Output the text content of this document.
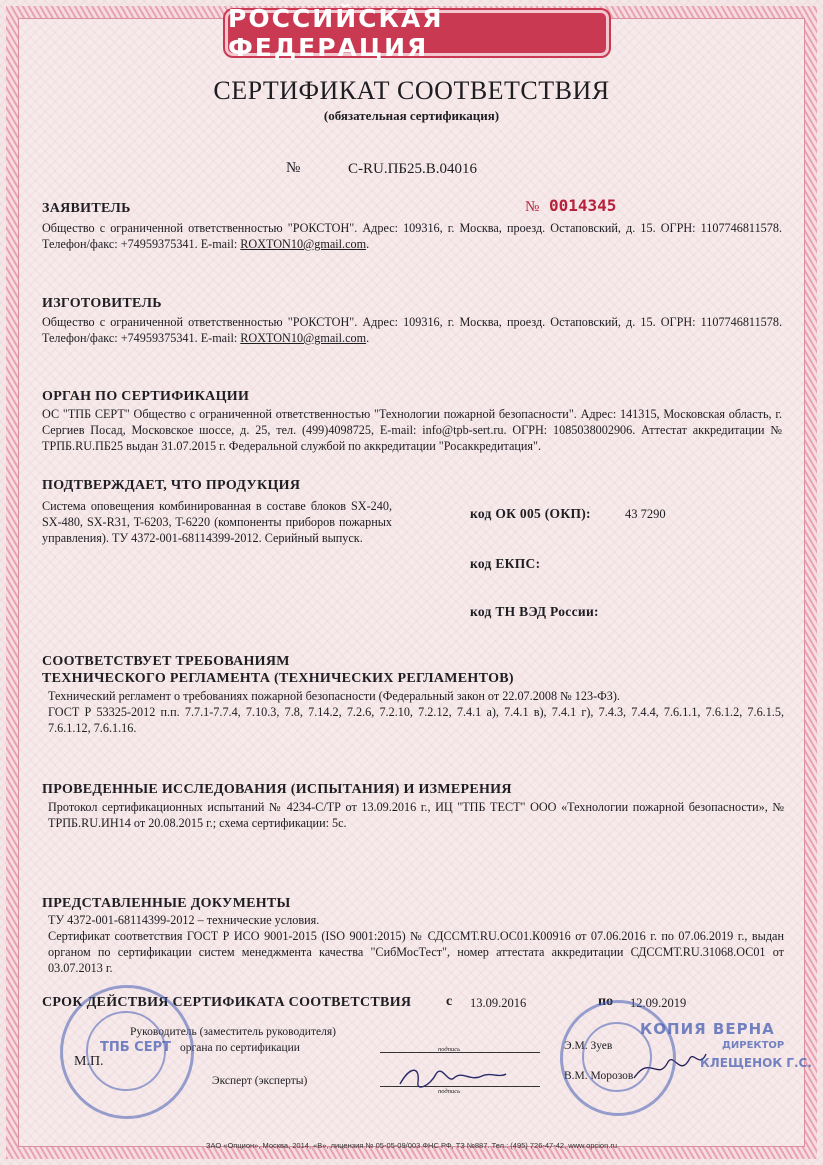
РОССИЙСКАЯ ФЕДЕРАЦИЯ
СЕРТИФИКАТ СООТВЕТСТВИЯ
(обязательная сертификация)
№	С-RU.ПБ25.В.04016
ЗАЯВИТЕЛЬ	№ 0014345
Общество с ограниченной ответственностью "РОКСТОН". Адрес: 109316, г. Москва, проезд. Остаповский, д. 15. ОГРН: 1107746811578. Телефон/факс: +74959375341. E-mail: ROXTON10@gmail.com.
ИЗГОТОВИТЕЛЬ
Общество с ограниченной ответственностью "РОКСТОН". Адрес: 109316, г. Москва, проезд. Остаповский, д. 15. ОГРН: 1107746811578. Телефон/факс: +74959375341. E-mail: ROXTON10@gmail.com.
ОРГАН ПО СЕРТИФИКАЦИИ
ОС "ТПБ СЕРТ" Общество с ограниченной ответственностью "Технологии пожарной безопасности". Адрес: 141315, Московская область, г. Сергиев Посад, Московское шоссе, д. 25, тел. (499)4098725, E-mail: info@tpb-sert.ru. ОГРН: 1085038002906. Аттестат аккредитации № ТРПБ.RU.ПБ25 выдан 31.07.2015 г. Федеральной службой по аккредитации "Росаккредитация".
ПОДТВЕРЖДАЕТ, ЧТО ПРОДУКЦИЯ
Система оповещения комбинированная в составе блоков SX-240, SX-480, SX-R31, T-6203, T-6220 (компоненты приборов пожарных управления). ТУ 4372-001-68114399-2012. Серийный выпуск.
код ОК 005 (ОКП):	43 7290
код ЕКПС:
код ТН ВЭД России:
СООТВЕТСТВУЕТ ТРЕБОВАНИЯМ
ТЕХНИЧЕСКОГО РЕГЛАМЕНТА (ТЕХНИЧЕСКИХ РЕГЛАМЕНТОВ)
Технический регламент о требованиях пожарной безопасности (Федеральный закон от 22.07.2008 № 123-ФЗ).
ГОСТ Р 53325-2012 п.п. 7.7.1-7.7.4, 7.10.3, 7.8, 7.14.2, 7.2.6, 7.2.10, 7.2.12, 7.4.1 а), 7.4.1 в), 7.4.1 г), 7.4.3, 7.4.4, 7.6.1.1, 7.6.1.2, 7.6.1.5, 7.6.1.12, 7.6.1.16.
ПРОВЕДЕННЫЕ ИССЛЕДОВАНИЯ (ИСПЫТАНИЯ) И ИЗМЕРЕНИЯ
Протокол сертификационных испытаний № 4234-С/ТР от 13.09.2016 г., ИЦ "ТПБ ТЕСТ" ООО «Технологии пожарной безопасности», № ТРПБ.RU.ИН14 от 20.08.2015 г.; схема сертификации: 5с.
ПРЕДСТАВЛЕННЫЕ ДОКУМЕНТЫ
ТУ 4372-001-68114399-2012 – технические условия.
Сертификат соответствия ГОСТ Р ИСО 9001-2015 (ISO 9001:2015) № СДССМТ.RU.ОС01.К00916 от 07.06.2016 г. по 07.06.2019 г., выдан органом по сертификации систем менеджмента качества "СибМосТест", номер аттестата аккредитации СДССМТ.RU.31068.ОС01 от 03.07.2013 г.
СРОК ДЕЙСТВИЯ СЕРТИФИКАТА СООТВЕТСТВИЯ с 13.09.2016	по 12.09.2019
Руководитель (заместитель руководителя)
органа по сертификации
Эксперт (эксперты)
М.П.
подпись
подпись
Э.М. Зуев
В.М. Морозов
ТПБ СЕРТ
КОПИЯ ВЕРНА
ДИРЕКТОР
КЛЕЩЕНОК Г.С.
ЗАО «Опцион», Москва, 2014, «В», лицензия № 05-05-09/003 ФНС РФ, ТЗ №887. Тел.: (495) 726-47-42, www.opcion.ru
